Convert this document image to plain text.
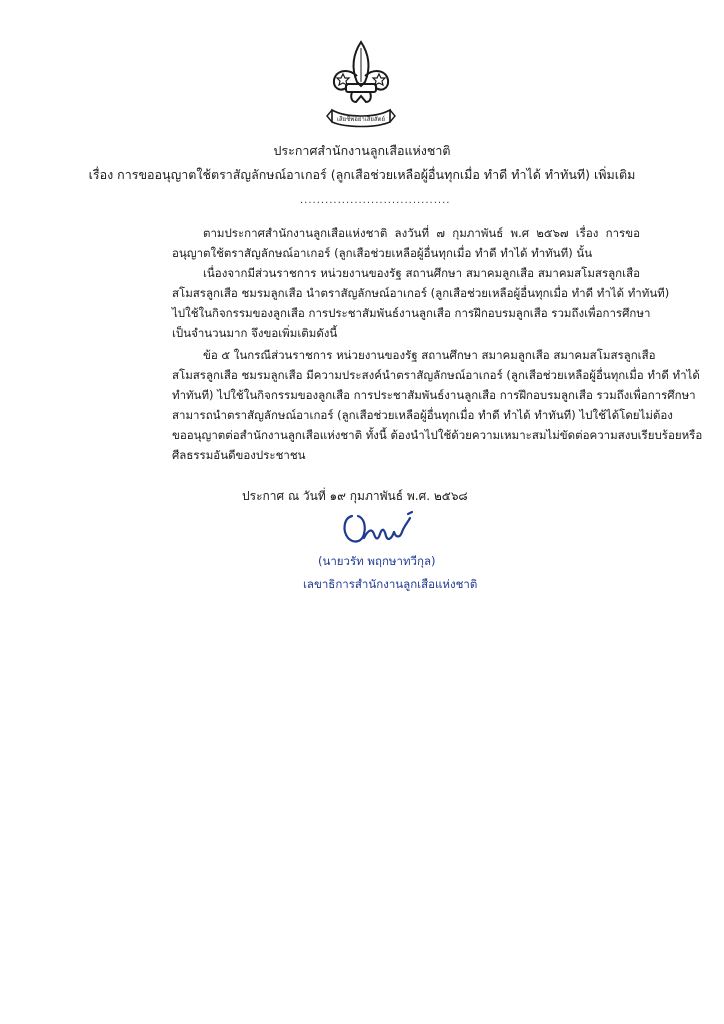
เสียชีพอย่าเสียสัตย์
ประกาศสำนักงานลูกเสือแห่งชาติ
เรื่อง การขออนุญาตใช้ตราสัญลักษณ์อาเกอร์ (ลูกเสือช่วยเหลือผู้อื่นทุกเมื่อ ทำดี ทำได้ ทำทันที) เพิ่มเติม
....................................
ตามประกาศสำนักงานลูกเสือแห่งชาติ ลงวันที่ ๗ กุมภาพันธ์ พ.ศ ๒๕๖๗ เรื่อง การขอ
อนุญาตใช้ตราสัญลักษณ์อาเกอร์ (ลูกเสือช่วยเหลือผู้อื่นทุกเมื่อ ทำดี ทำได้ ทำทันที) นั้น
เนื่องจากมีส่วนราชการ หน่วยงานของรัฐ สถานศึกษา สมาคมลูกเสือ สมาคมสโมสรลูกเสือ
สโมสรลูกเสือ ชมรมลูกเสือ นำตราสัญลักษณ์อาเกอร์ (ลูกเสือช่วยเหลือผู้อื่นทุกเมื่อ ทำดี ทำได้ ทำทันที)
ไปใช้ในกิจกรรมของลูกเสือ การประชาสัมพันธ์งานลูกเสือ การฝึกอบรมลูกเสือ รวมถึงเพื่อการศึกษา
เป็นจำนวนมาก จึงขอเพิ่มเติมดังนี้
ข้อ ๕ ในกรณีส่วนราชการ หน่วยงานของรัฐ สถานศึกษา สมาคมลูกเสือ สมาคมสโมสรลูกเสือ
สโมสรลูกเสือ ชมรมลูกเสือ มีความประสงค์นำตราสัญลักษณ์อาเกอร์ (ลูกเสือช่วยเหลือผู้อื่นทุกเมื่อ ทำดี ทำได้
ทำทันที) ไปใช้ในกิจกรรมของลูกเสือ การประชาสัมพันธ์งานลูกเสือ การฝึกอบรมลูกเสือ รวมถึงเพื่อการศึกษา
สามารถนำตราสัญลักษณ์อาเกอร์ (ลูกเสือช่วยเหลือผู้อื่นทุกเมื่อ ทำดี ทำได้ ทำทันที) ไปใช้ได้โดยไม่ต้อง
ขออนุญาตต่อสำนักงานลูกเสือแห่งชาติ ทั้งนี้ ต้องนำไปใช้ด้วยความเหมาะสมไม่ขัดต่อความสงบเรียบร้อยหรือ
ศีลธรรมอันดีของประชาชน
ประกาศ ณ วันที่ ๑๙ กุมภาพันธ์ พ.ศ. ๒๕๖๘
(นายวรัท พฤกษาทวีกุล)
เลขาธิการสำนักงานลูกเสือแห่งชาติ
